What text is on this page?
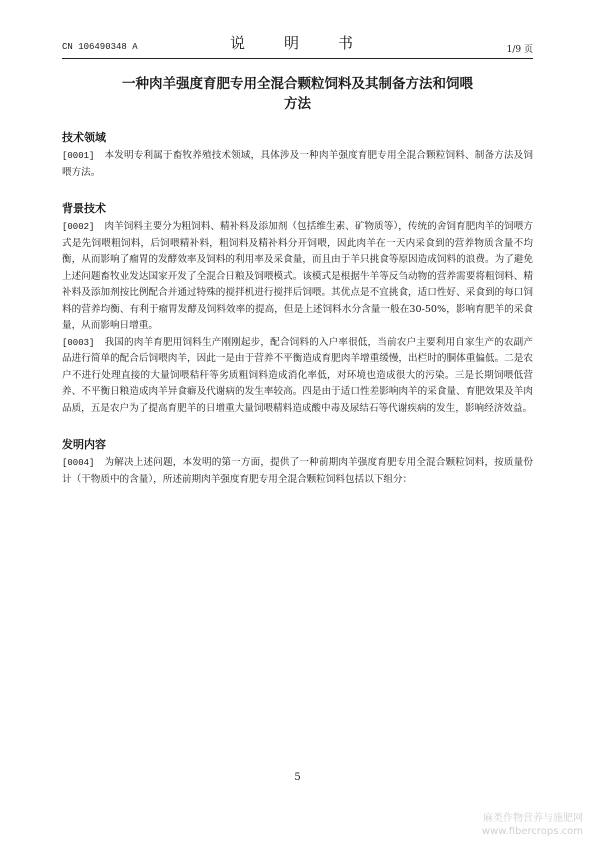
CN 106490348 A	说　明　书	1/9 页
一种肉羊强度育肥专用全混合颗粒饲料及其制备方法和饲喂
方法
技术领域

[0001] 本发明专利属于畜牧养殖技术领域，具体涉及一种肉羊强度育肥专用全混合颗粒饲料、制备方法及饲喂方法。

背景技术

[0002] 肉羊饲料主要分为粗饲料、精补料及添加剂（包括维生素、矿物质等），传统的舍饲育肥肉羊的饲喂方式是先饲喂粗饲料，后饲喂精补料，粗饲料及精补料分开饲喂，因此肉羊在一天内采食到的营养物质含量不均衡，从而影响了瘤胃的发酵效率及饲料的利用率及采食量，而且由于羊只挑食等原因造成饲料的浪费。为了避免上述问题畜牧业发达国家开发了全混合日粮及饲喂模式。该模式是根据牛羊等反刍动物的营养需要将粗饲料、精补料及添加剂按比例配合并通过特殊的搅拌机进行搅拌后饲喂。其优点是不宜挑食，适口性好、采食到的每口饲料的营养均衡、有利于瘤胃发酵及饲料效率的提高，但是上述饲料水分含量一般在30-50%，影响育肥羊的采食量，从而影响日增重。

[0003] 我国的肉羊育肥用饲料生产刚刚起步，配合饲料的入户率很低，当前农户主要利用自家生产的农副产品进行简单的配合后饲喂肉羊，因此一是由于营养不平衡造成育肥肉羊增重缓慢，出栏时的胴体重偏低。二是农户不进行处理直接的大量饲喂秸秆等劣质粗饲料造成消化率低，对环境也造成很大的污染。三是长期饲喂低营养、不平衡日粮造成肉羊异食癖及代谢病的发生率较高。四是由于适口性差影响肉羊的采食量、育肥效果及羊肉品质，五是农户为了提高育肥羊的日增重大量饲喂精料造成酸中毒及尿结石等代谢疾病的发生，影响经济效益。

发明内容

[0004] 为解决上述问题，本发明的第一方面，提供了一种前期肉羊强度育肥专用全混合颗粒饲料，按质量份计（干物质中的含量），所述前期肉羊强度育肥专用全混合颗粒饲料包括以下组分：

5
麻类作物营养与施肥网
www.fibercrops.com
